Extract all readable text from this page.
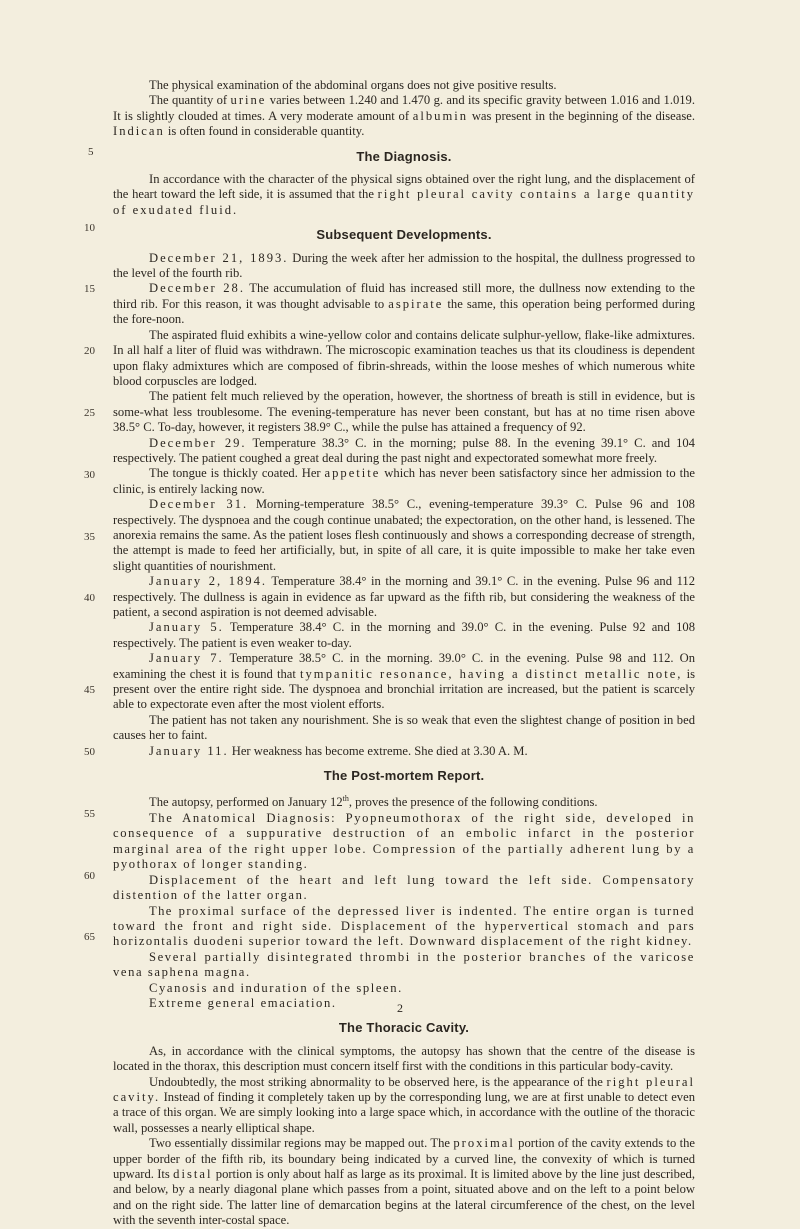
5
10
15
20
25
30
35
40
45
50
55
60
65

The physical examination of the abdominal organs does not give positive results.

The quantity of urine varies between 1.240 and 1.470 g. and its specific gravity between 1.016 and 1.019. It is slightly clouded at times. A very moderate amount of albumin was present in the beginning of the disease. Indican is often found in considerable quantity.

The Diagnosis.

In accordance with the character of the physical signs obtained over the right lung, and the displacement of the heart toward the left side, it is assumed that the right pleural cavity contains a large quantity of exudated fluid.

Subsequent Developments.

December 21, 1893. During the week after her admission to the hospital, the dullness progressed to the level of the fourth rib.

December 28. The accumulation of fluid has increased still more, the dullness now extending to the third rib. For this reason, it was thought advisable to aspirate the same, this operation being performed during the fore-noon.

The aspirated fluid exhibits a wine-yellow color and contains delicate sulphur-yellow, flake-like admixtures. In all half a liter of fluid was withdrawn. The microscopic examination teaches us that its cloudiness is dependent upon flaky admixtures which are composed of fibrin-shreads, within the loose meshes of which numerous white blood corpuscles are lodged.

The patient felt much relieved by the operation, however, the shortness of breath is still in evidence, but is some-what less troublesome. The evening-temperature has never been constant, but has at no time risen above 38.5° C. To-day, however, it registers 38.9° C., while the pulse has attained a frequency of 92.

December 29. Temperature 38.3° C. in the morning; pulse 88. In the evening 39.1° C. and 104 respectively. The patient coughed a great deal during the past night and expectorated somewhat more freely.

The tongue is thickly coated. Her appetite which has never been satisfactory since her admission to the clinic, is entirely lacking now.

December 31. Morning-temperature 38.5° C., evening-temperature 39.3° C. Pulse 96 and 108 respectively. The dyspnoea and the cough continue unabated; the expectoration, on the other hand, is lessened. The anorexia remains the same. As the patient loses flesh continuously and shows a corresponding decrease of strength, the attempt is made to feed her artificially, but, in spite of all care, it is quite impossible to make her take even slight quantities of nourishment.

January 2, 1894. Temperature 38.4° in the morning and 39.1° C. in the evening. Pulse 96 and 112 respectively. The dullness is again in evidence as far upward as the fifth rib, but considering the weakness of the patient, a second aspiration is not deemed advisable.

January 5. Temperature 38.4° C. in the morning and 39.0° C. in the evening. Pulse 92 and 108 respectively. The patient is even weaker to-day.

January 7. Temperature 38.5° C. in the morning. 39.0° C. in the evening. Pulse 98 and 112. On examining the chest it is found that tympanitic resonance, having a distinct metallic note, is present over the entire right side. The dyspnoea and bronchial irritation are increased, but the patient is scarcely able to expectorate even after the most violent efforts.

The patient has not taken any nourishment. She is so weak that even the slightest change of position in bed causes her to faint.

January 11. Her weakness has become extreme. She died at 3.30 A. M.

The Post-mortem Report.

The autopsy, performed on January 12th, proves the presence of the following conditions.

The Anatomical Diagnosis: Pyopneumothorax of the right side, developed in consequence of a suppurative destruction of an embolic infarct in the posterior marginal area of the right upper lobe. Compression of the partially adherent lung by a pyothorax of longer standing.

Displacement of the heart and left lung toward the left side. Compensatory distention of the latter organ.

The proximal surface of the depressed liver is indented. The entire organ is turned toward the front and right side. Displacement of the hypervertical stomach and pars horizontalis duodeni superior toward the left. Downward displacement of the right kidney.

Several partially disintegrated thrombi in the posterior branches of the varicose vena saphena magna.

Cyanosis and induration of the spleen.

Extreme general emaciation.

The Thoracic Cavity.

As, in accordance with the clinical symptoms, the autopsy has shown that the centre of the disease is located in the thorax, this description must concern itself first with the conditions in this particular body-cavity.

Undoubtedly, the most striking abnormality to be observed here, is the appearance of the right pleural cavity. Instead of finding it completely taken up by the corresponding lung, we are at first unable to detect even a trace of this organ. We are simply looking into a large space which, in accordance with the outline of the thoracic wall, possesses a nearly elliptical shape.

Two essentially dissimilar regions may be mapped out. The proximal portion of the cavity extends to the upper border of the fifth rib, its boundary being indicated by a curved line, the convexity of which is turned upward. Its distal portion is only about half as large as its proximal. It is limited above by the line just described, and below, by a nearly diagonal plane which passes from a point, situated above and on the left to a point below and on the right side. The latter line of demarcation begins at the lateral circumference of the chest, on the level with the seventh inter-costal space.

2
